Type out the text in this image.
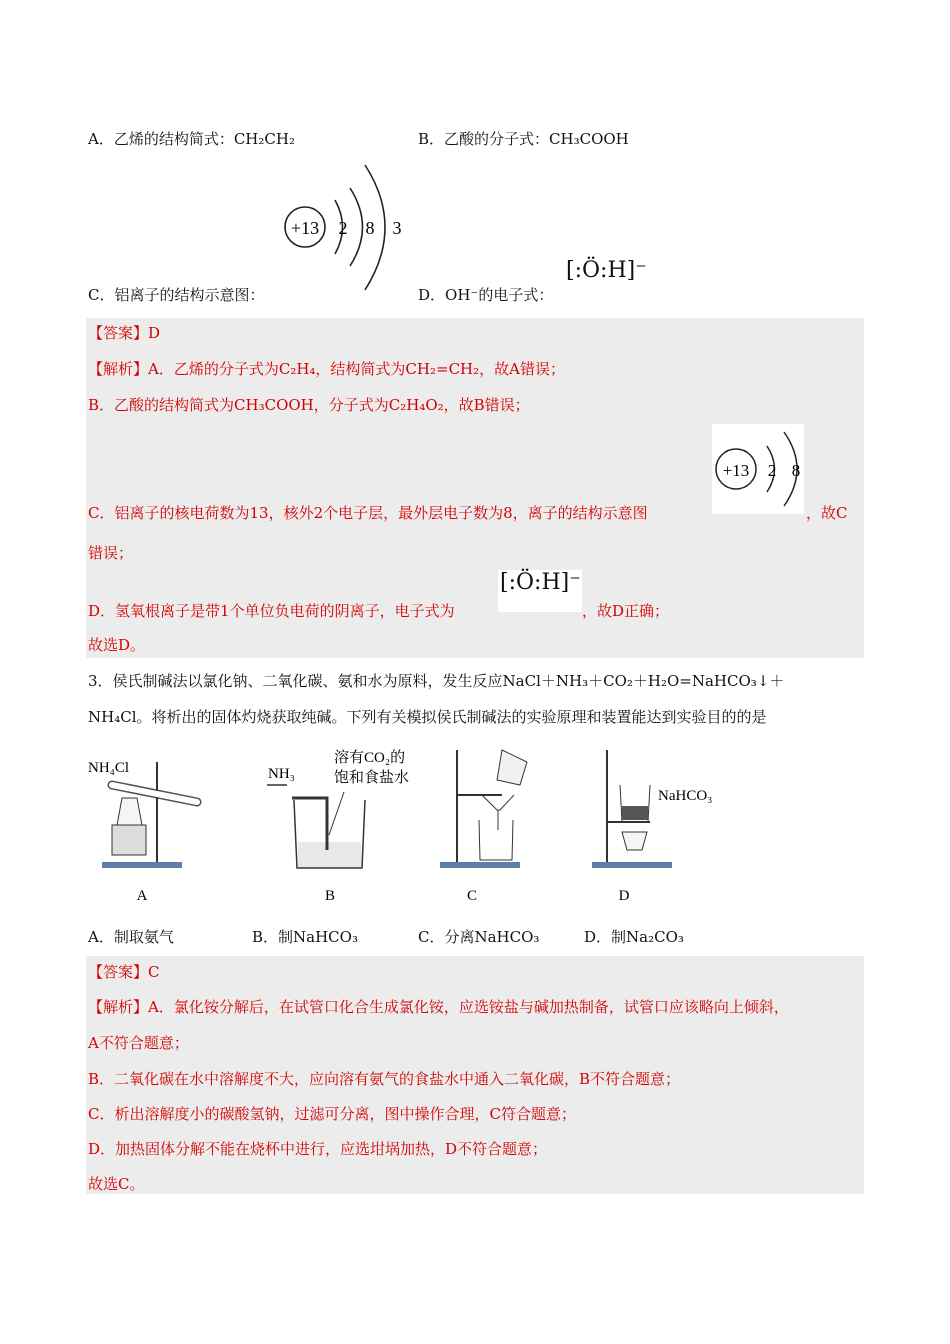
A．乙烯的结构简式：CH₂CH₂	B．乙酸的分子式：CH₃COOH
+13 2 8 3
C．铝离子的结构示意图：	D．OH⁻的电子式：
[:Ö:H]⁻
【答案】D
【解析】A．乙烯的分子式为C₂H₄，结构简式为CH₂=CH₂，故A错误；
B．乙酸的结构简式为CH₃COOH，分子式为C₂H₄O₂，故B错误；
+13 2 8
C．铝离子的核电荷数为13，核外2个电子层，最外层电子数为8，离子的结构示意图	，故C
错误；
[:Ö:H]⁻
D．氢氧根离子是带1个单位负电荷的阴离子，电子式为	，故D正确；
故选D。
3．侯氏制碱法以氯化钠、二氧化碳、氨和水为原料，发生反应NaCl＋NH₃＋CO₂＋H₂O=NaHCO₃↓＋
NH₄Cl。将析出的固体灼烧获取纯碱。下列有关模拟侯氏制碱法的实验原理和装置能达到实验目的的是
NH₄Cl
A
NH₃
溶有CO₂的
饱和食盐水
B	C
NaHCO₃
D
A．制取氨气	B．制NaHCO₃	C．分离NaHCO₃	D．制Na₂CO₃
【答案】C
【解析】A．氯化铵分解后，在试管口化合生成氯化铵，应选铵盐与碱加热制备，试管口应该略向上倾斜，
A不符合题意；
B．二氧化碳在水中溶解度不大，应向溶有氨气的食盐水中通入二氧化碳，B不符合题意；
C．析出溶解度小的碳酸氢钠，过滤可分离，图中操作合理，C符合题意；
D．加热固体分解不能在烧杯中进行，应选坩埚加热，D不符合题意；
故选C。
